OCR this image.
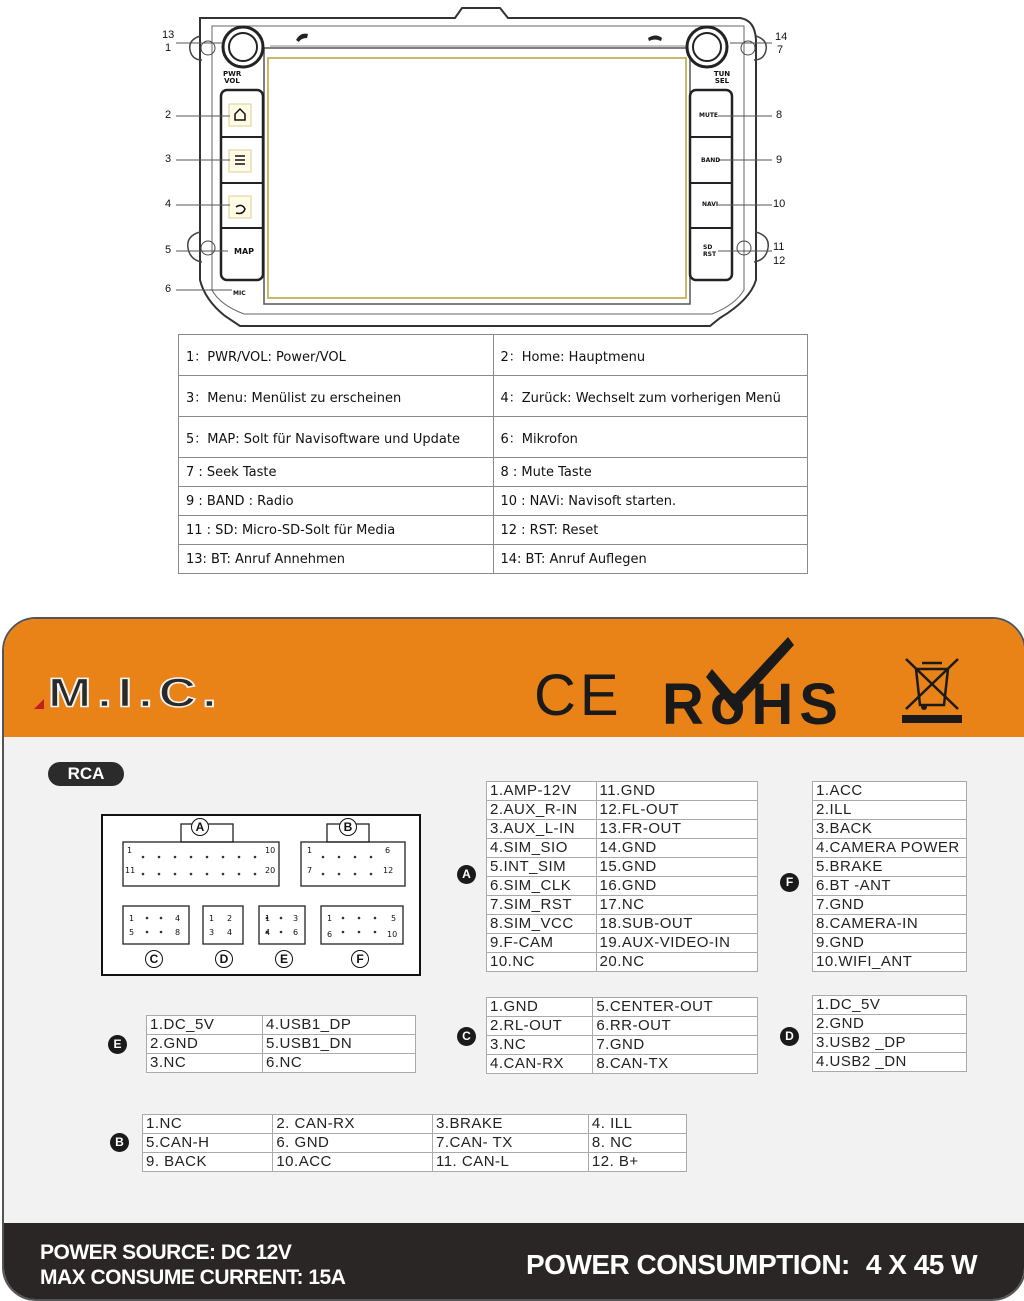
PWR
VOL
TUN
SEL
MUTE
BAND
NAVI
SD
RST
MAP
MIC
13
1
2
3
4
5
6
14
7
8
9
10
11
12
1：PWR/VOL: Power/VOL	2：Home: Hauptmenu
3：Menu: Menülist zu erscheinen	4：Zurück: Wechselt zum vorherigen Menü
5：MAP: Solt für Navisoftware und Update	6：Mikrofon
7 : Seek Taste	8 : Mute Taste
9 : BAND : Radio	10 : NAVi: Navisoft starten.
11 : SD: Micro-SD-Solt für Media	12 : RST: Reset
13: BT: Anruf Annehmen	14: BT: Anruf Auflegen
M.I.C.	CE RoHS
RCA
A	B
C	D	E	F
1	10
11	20
1	6
7	12
1	4
5	8
1 2
3 4
1	3
4	6
1	5
6	10
A
1.AMP-12V	11.GND
2.AUX_R-IN	12.FL-OUT
3.AUX_L-IN	13.FR-OUT
4.SIM_SIO	14.GND
5.INT_SIM	15.GND
6.SIM_CLK	16.GND
7.SIM_RST	17.NC
8.SIM_VCC	18.SUB-OUT
9.F-CAM	19.AUX-VIDEO-IN
10.NC	20.NC
F
1.ACC
2.ILL
3.BACK
4.CAMERA POWER
5.BRAKE
6.BT -ANT
7.GND
8.CAMERA-IN
9.GND
10.WIFI_ANT
E
1.DC_5V	4.USB1_DP
2.GND	5.USB1_DN
3.NC	6.NC
C
1.GND	5.CENTER-OUT
2.RL-OUT	6.RR-OUT
3.NC	7.GND
4.CAN-RX	8.CAN-TX
D
1.DC_5V
2.GND
3.USB2 _DP
4.USB2 _DN
B
1.NC	2. CAN-RX	3.BRAKE	4. ILL
5.CAN-H	6. GND	7.CAN- TX	8. NC
9. BACK	10.ACC	11. CAN-L	12. B+
POWER SOURCE: DC 12V
MAX CONSUME CURRENT: 15A	POWER CONSUMPTION: 4 X 45 W
